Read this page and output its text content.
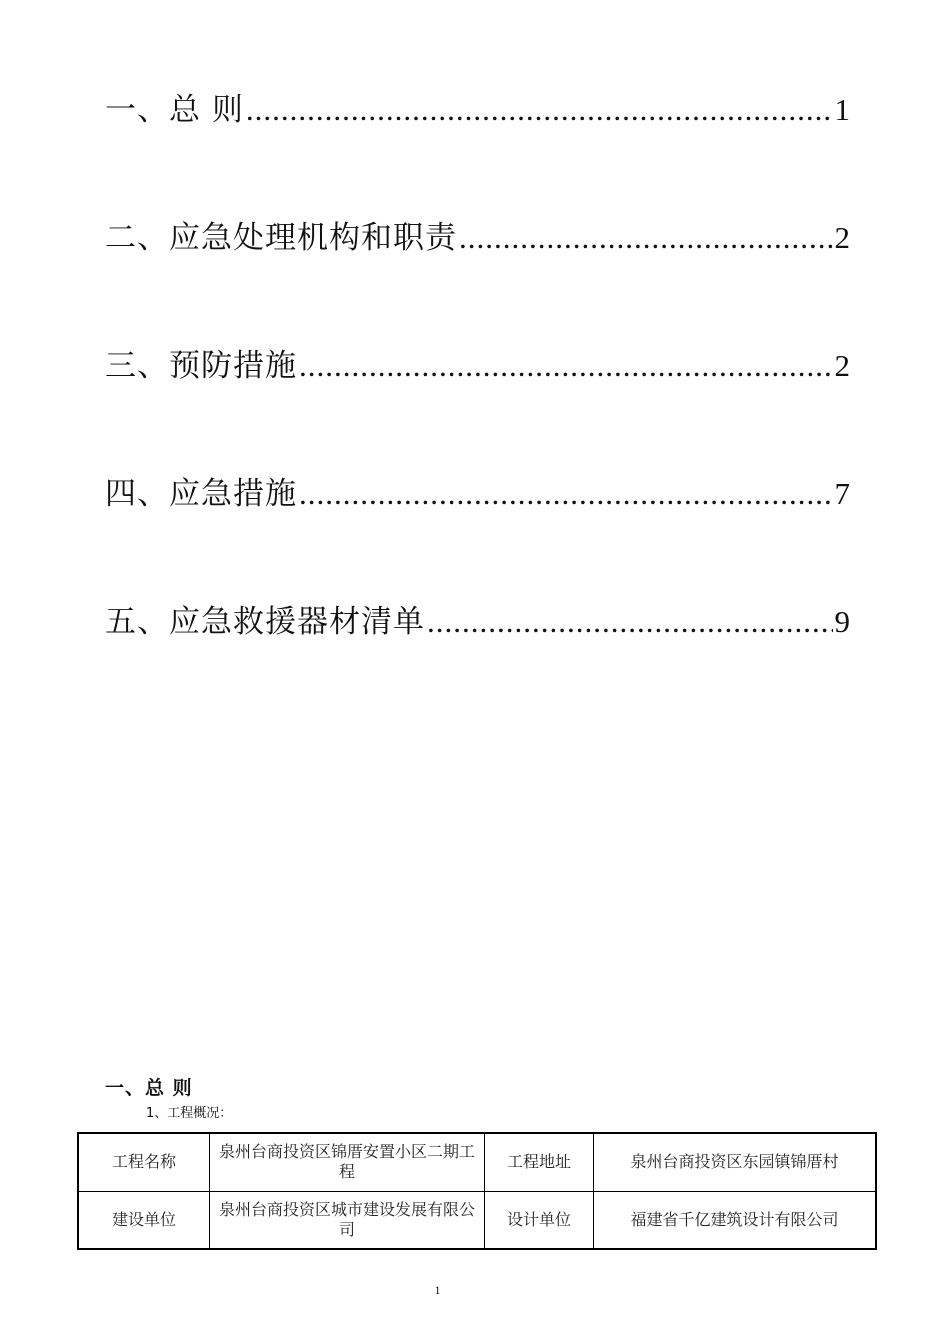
一、总 则 .....	1
二、应急处理机构和职责 .....	2
三、预防措施 .....	2
四、应急措施 .....	7
五、应急救援器材清单 .....	9
一、总 则
1、工程概况：
工程名称	泉州台商投资区锦厝安置小区二期工程	工程地址	泉州台商投资区东园镇锦厝村
建设单位	泉州台商投资区城市建设发展有限公司	设计单位	福建省千亿建筑设计有限公司
1
